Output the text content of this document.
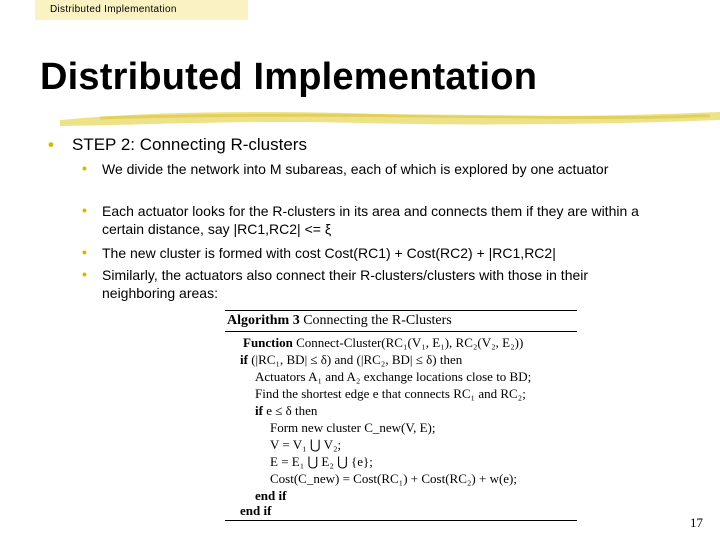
Distributed Implementation
Distributed Implementation
• STEP 2: Connecting R-clusters
• We divide the network into M subareas, each of which is explored by one actuator
• Each actuator looks for the R-clusters in its area and connects them if they are within a certain distance, say |RC1,RC2| <= ξ
• The new cluster is formed with cost Cost(RC1) + Cost(RC2) + |RC1,RC2|
• Similarly, the actuators also connect their R-clusters/clusters with those in their neighboring areas:
Algorithm 3 Connecting the R-Clusters
Function Connect-Cluster(RC₁(V₁, E₁), RC₂(V₂, E₂))
if (|RC₁, BD| ≤ δ) and (|RC₂, BD| ≤ δ) then
Actuators A₁ and A₂ exchange locations close to BD;
Find the shortest edge e that connects RC₁ and RC₂;
if e ≤ δ then
Form new cluster C_new(V, E);
V = V₁ ⋃ V₂;
E = E₁ ⋃ E₂ ⋃ {e};
Cost(C_new) = Cost(RC₁) + Cost(RC₂) + w(e);
end if
end if
17
